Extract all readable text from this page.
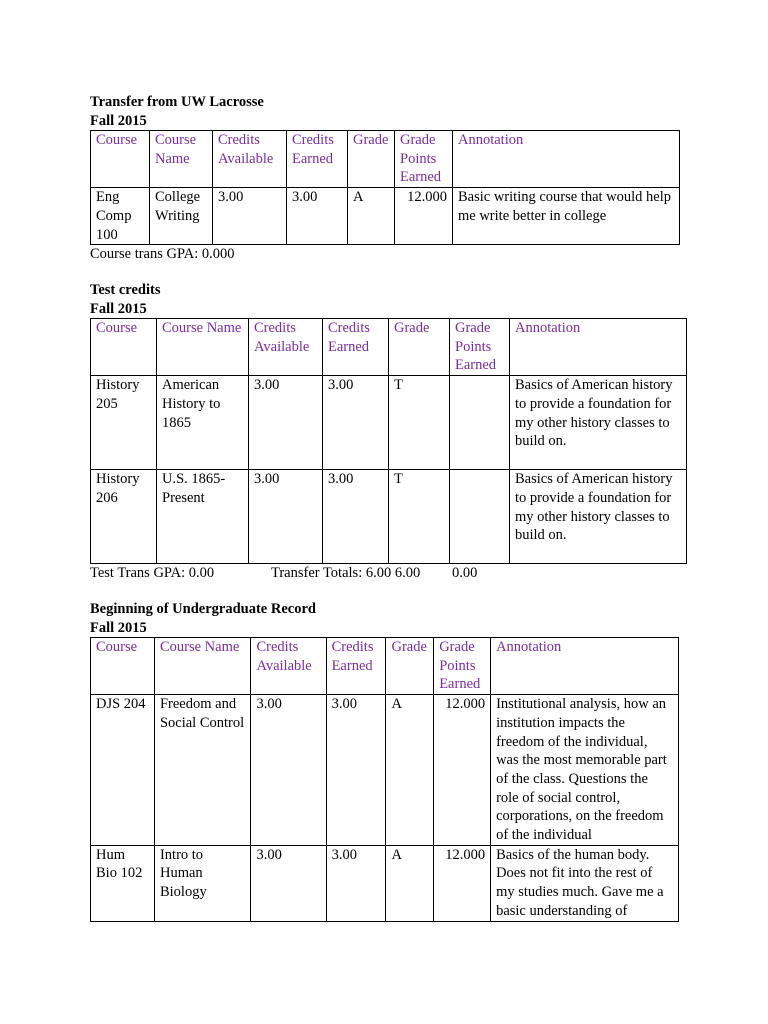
Transfer from UW Lacrosse

Fall 2015

Course	Course Name	Credits Available	Credits Earned	Grade	Grade Points Earned	Annotation
Eng Comp 100	College Writing	3.00	3.00	A	12.000	Basic writing course that would help me write better in college
Course trans GPA: 0.000

Test credits

Fall 2015

Course	Course Name	Credits Available	Credits Earned	Grade	Grade Points Earned	Annotation
History 205	American History to 1865	3.00	3.00	T		Basics of American history to provide a foundation for my other history classes to build on.
History 206	U.S. 1865-Present	3.00	3.00	T		Basics of American history to provide a foundation for my other history classes to build on.
Test Trans GPA: 0.00	Transfer Totals: 6.00 6.00 0.00

Beginning of Undergraduate Record

Fall 2015

Course	Course Name	Credits Available	Credits Earned	Grade	Grade Points Earned	Annotation
DJS 204	Freedom and Social Control	3.00	3.00	A	12.000	Institutional analysis, how an institution impacts the freedom of the individual, was the most memorable part of the class. Questions the role of social control, corporations, on the freedom of the individual
Hum Bio 102	Intro to Human Biology	3.00	3.00	A	12.000	Basics of the human body. Does not fit into the rest of my studies much. Gave me a basic understanding of
